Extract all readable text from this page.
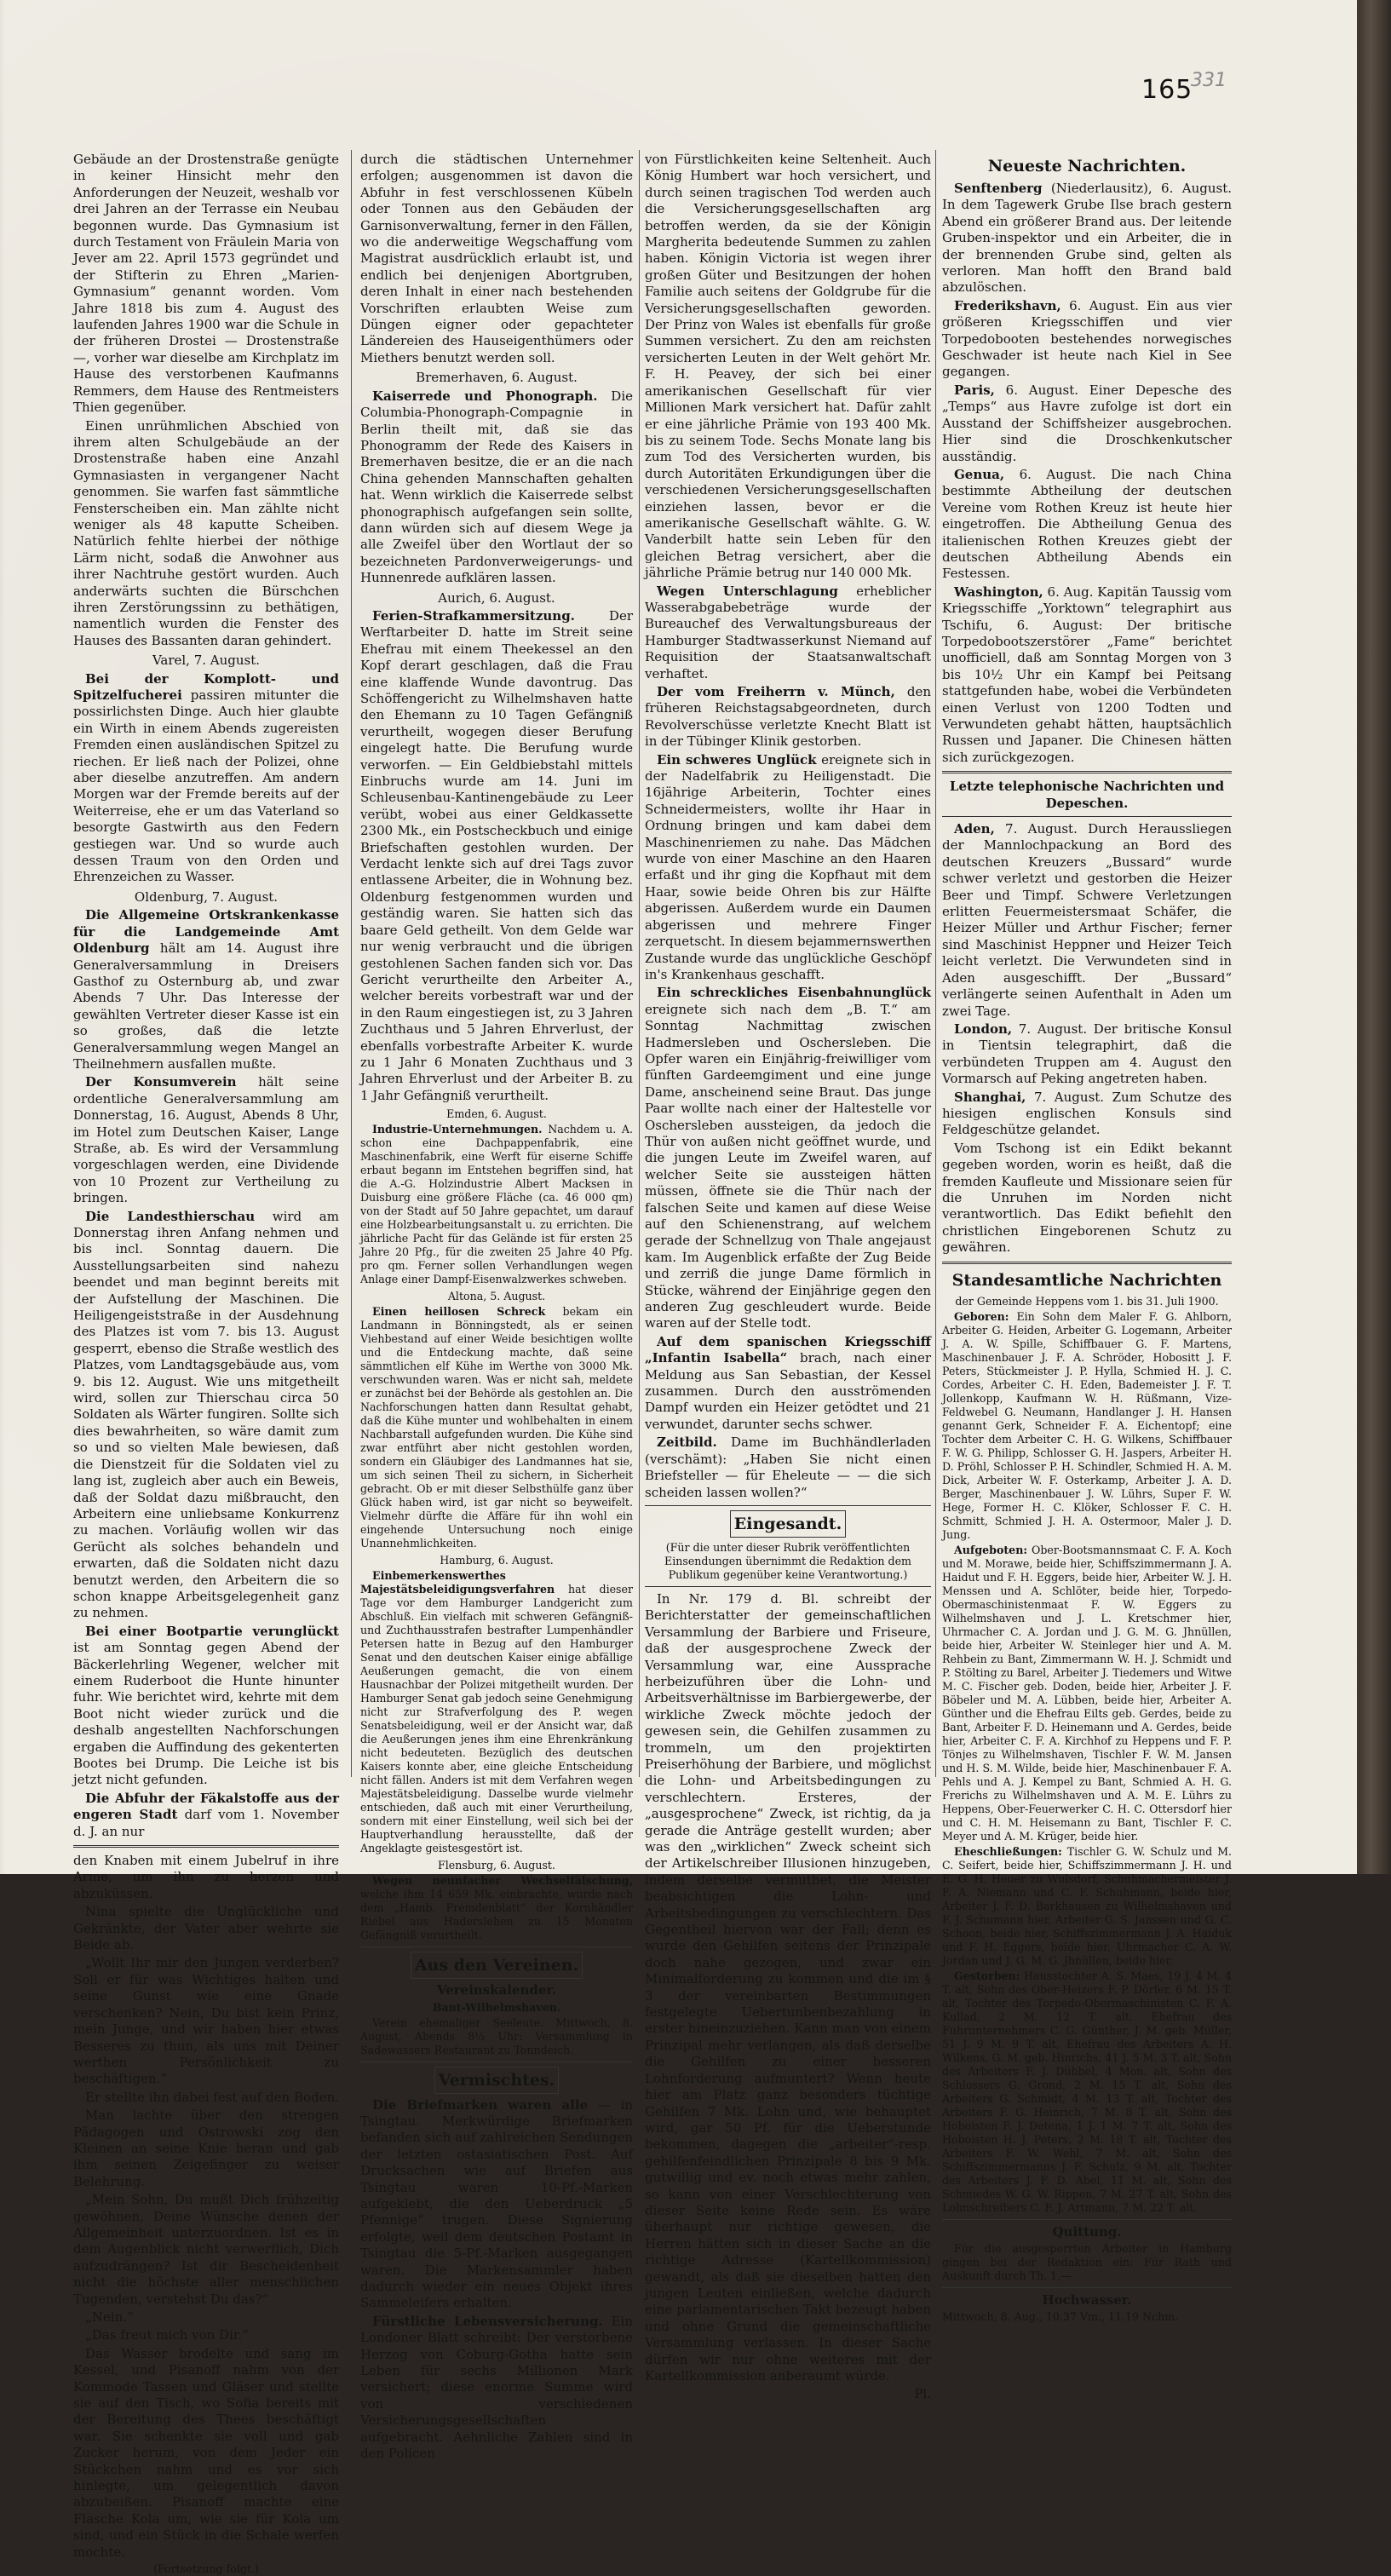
165
331

Gebäude an der Drostenstraße genügte in keiner Hinsicht mehr den Anforderungen der Neuzeit, weshalb vor drei Jahren an der Terrasse ein Neubau begonnen wurde. Das Gymnasium ist durch Testament von Fräulein Maria von Jever am 22. April 1573 gegründet und der Stifterin zu Ehren „Marien-Gymnasium“ genannt worden. Vom Jahre 1818 bis zum 4. August des laufenden Jahres 1900 war die Schule in der früheren Drostei — Drostenstraße —, vorher war dieselbe am Kirchplatz im Hause des verstorbenen Kaufmanns Remmers, dem Hause des Rentmeisters Thien gegenüber.

Einen unrühmlichen Abschied von ihrem alten Schulgebäude an der Drostenstraße haben eine Anzahl Gymnasiasten in vergangener Nacht genommen. Sie warfen fast sämmtliche Fensterscheiben ein. Man zählte nicht weniger als 48 kaputte Scheiben. Natürlich fehlte hierbei der nöthige Lärm nicht, sodaß die Anwohner aus ihrer Nachtruhe gestört wurden. Auch anderwärts suchten die Bürschchen ihren Zerstörungssinn zu bethätigen, namentlich wurden die Fenster des Hauses des Bassanten daran gehindert.

Varel, 7. August.

Bei der Komplott- und Spitzelfucherei passiren mitunter die possirlichsten Dinge. Auch hier glaubte ein Wirth in einem Abends zugereisten Fremden einen ausländischen Spitzel zu riechen. Er ließ nach der Polizei, ohne aber dieselbe anzutreffen. Am andern Morgen war der Fremde bereits auf der Weiterreise, ehe er um das Vaterland so besorgte Gastwirth aus den Federn gestiegen war. Und so wurde auch dessen Traum von den Orden und Ehrenzeichen zu Wasser.

Oldenburg, 7. August.

Die Allgemeine Ortskrankenkasse für die Landgemeinde Amt Oldenburg hält am 14. August ihre Generalversammlung in Dreisers Gasthof zu Osternburg ab, und zwar Abends 7 Uhr. Das Interesse der gewählten Vertreter dieser Kasse ist ein so großes, daß die letzte Generalversammlung wegen Mangel an Theilnehmern ausfallen mußte.

Der Konsumverein hält seine ordentliche Generalversammlung am Donnerstag, 16. August, Abends 8 Uhr, im Hotel zum Deutschen Kaiser, Lange Straße, ab. Es wird der Versammlung vorgeschlagen werden, eine Dividende von 10 Prozent zur Vertheilung zu bringen.

Die Landesthierschau wird am Donnerstag ihren Anfang nehmen und bis incl. Sonntag dauern. Die Ausstellungsarbeiten sind nahezu beendet und man beginnt bereits mit der Aufstellung der Maschinen. Die Heiligengeiststraße in der Ausdehnung des Platzes ist vom 7. bis 13. August gesperrt, ebenso die Straße westlich des Platzes, vom Landtagsgebäude aus, vom 9. bis 12. August. Wie uns mitgetheilt wird, sollen zur Thierschau circa 50 Soldaten als Wärter fungiren. Sollte sich dies bewahrheiten, so wäre damit zum so und so vielten Male bewiesen, daß die Dienstzeit für die Soldaten viel zu lang ist, zugleich aber auch ein Beweis, daß der Soldat dazu mißbraucht, den Arbeitern eine unliebsame Konkurrenz zu machen. Vorläufig wollen wir das Gerücht als solches behandeln und erwarten, daß die Soldaten nicht dazu benutzt werden, den Arbeitern die so schon knappe Arbeitsgelegenheit ganz zu nehmen.

Bei einer Bootpartie verunglückt ist am Sonntag gegen Abend der Bäckerlehrling Wegener, welcher mit einem Ruderboot die Hunte hinunter fuhr. Wie berichtet wird, kehrte mit dem Boot nicht wieder zurück und die deshalb angestellten Nachforschungen ergaben die Auffindung des gekenterten Bootes bei Drump. Die Leiche ist bis jetzt nicht gefunden.

Die Abfuhr der Fäkalstoffe aus der engeren Stadt darf vom 1. November d. J. an nur

den Knaben mit einem Jubelruf in ihre Arme, um ihn zu herzen und abzuküssen.

Nina spielte die Unglückliche und Gekränkte, der Vater aber wehrte sie Beide ab.

„Wollt Ihr mir den Jungen verderben? Soll er für was Wichtiges halten und seine Gunst wie eine Gnade verschenken? Nein, Du bist kein Prinz, mein Junge, und wir haben hier etwas Besseres zu thun, als uns mit Deiner werthen Persönlichkeit zu beschäftigen.“

Er stellte ihn dabei fest auf den Boden.

Man lachte über den strengen Pädagogen und Ostrowski zog den Kleinen an seine Knie heran und gab ihm seinen Zeigefinger zu weiser Belehrung.

„Mein Sohn, Du mußt Dich frühzeitig gewöhnen, Deine Wünsche denen der Allgemeinheit unterzuordnen. Ist es in dem Augenblick nicht verwerflich, Dich aufzudrängen? Ist dir Bescheidenheit nicht die höchste aller menschlichen Tugenden, verstehst Du das?“

„Nein.“

„Das freut mich von Dir.“

Das Wasser brodelte und sang im Kessel, und Pisanoff nahm von der Kommode Tassen und Gläser und stellte sie auf den Tisch, wo Sofia bereits mit der Bereitung des Thees beschäftigt war. Sie schenkte sie voll und gab Zucker herum, von dem Jeder ein Stückchen nahm und es vor sich hinlegte, um gelegentlich davon abzubeißen. Pisanoff machte eine Flasche Kola um, wie sie für Kola um sind, und ein Stück in die Schale werfen mochte.

(Fortsetzung folgt.)

durch die städtischen Unternehmer erfolgen; ausgenommen ist davon die Abfuhr in fest verschlossenen Kübeln oder Tonnen aus den Gebäuden der Garnisonverwaltung, ferner in den Fällen, wo die anderweitige Wegschaffung vom Magistrat ausdrücklich erlaubt ist, und endlich bei denjenigen Abortgruben, deren Inhalt in einer nach bestehenden Vorschriften erlaubten Weise zum Düngen eigner oder gepachteter Ländereien des Hauseigenthümers oder Miethers benutzt werden soll.

Bremerhaven, 6. August.

Kaiserrede und Phonograph. Die Columbia-Phonograph-Compagnie in Berlin theilt mit, daß sie das Phonogramm der Rede des Kaisers in Bremerhaven besitze, die er an die nach China gehenden Mannschaften gehalten hat. Wenn wirklich die Kaiserrede selbst phonographisch aufgefangen sein sollte, dann würden sich auf diesem Wege ja alle Zweifel über den Wortlaut der so bezeichneten Pardonverweigerungs- und Hunnenrede aufklären lassen.

Aurich, 6. August.

Ferien-Strafkammersitzung. Der Werftarbeiter D. hatte im Streit seine Ehefrau mit einem Theekessel an den Kopf derart geschlagen, daß die Frau eine klaffende Wunde davontrug. Das Schöffengericht zu Wilhelmshaven hatte den Ehemann zu 10 Tagen Gefängniß verurtheilt, wogegen dieser Berufung eingelegt hatte. Die Berufung wurde verworfen. — Ein Geldbiebstahl mittels Einbruchs wurde am 14. Juni im Schleusenbau-Kantinengebäude zu Leer verübt, wobei aus einer Geldkassette 2300 Mk., ein Postscheckbuch und einige Briefschaften gestohlen wurden. Der Verdacht lenkte sich auf drei Tags zuvor entlassene Arbeiter, die in Wohnung bez. Oldenburg festgenommen wurden und geständig waren. Sie hatten sich das baare Geld getheilt. Von dem Gelde war nur wenig verbraucht und die übrigen gestohlenen Sachen fanden sich vor. Das Gericht verurtheilte den Arbeiter A., welcher bereits vorbestraft war und der in den Raum eingestiegen ist, zu 3 Jahren Zuchthaus und 5 Jahren Ehrverlust, der ebenfalls vorbestrafte Arbeiter K. wurde zu 1 Jahr 6 Monaten Zuchthaus und 3 Jahren Ehrverlust und der Arbeiter B. zu 1 Jahr Gefängniß verurtheilt.

Emden, 6. August.

Industrie-Unternehmungen. Nachdem u. A. schon eine Dachpappenfabrik, eine Maschinenfabrik, eine Werft für eiserne Schiffe erbaut begann im Entstehen begriffen sind, hat die A.-G. Holzindustrie Albert Macksen in Duisburg eine größere Fläche (ca. 46 000 qm) von der Stadt auf 50 Jahre gepachtet, um darauf eine Holzbearbeitungsanstalt u. zu errichten. Die jährliche Pacht für das Gelände ist für ersten 25 Jahre 20 Pfg., für die zweiten 25 Jahre 40 Pfg. pro qm. Ferner sollen Verhandlungen wegen Anlage einer Dampf-Eisenwalzwerkes schweben.

Altona, 5. August.

Einen heillosen Schreck bekam ein Landmann in Bönningstedt, als er seinen Viehbestand auf einer Weide besichtigen wollte und die Entdeckung machte, daß seine sämmtlichen elf Kühe im Werthe von 3000 Mk. verschwunden waren. Was er nicht sah, meldete er zunächst bei der Behörde als gestohlen an. Die Nachforschungen hatten dann Resultat gehabt, daß die Kühe munter und wohlbehalten in einem Nachbarstall aufgefunden wurden. Die Kühe sind zwar entführt aber nicht gestohlen worden, sondern ein Gläubiger des Landmannes hat sie, um sich seinen Theil zu sichern, in Sicherheit gebracht. Ob er mit dieser Selbsthülfe ganz über Glück haben wird, ist gar nicht so beyweifelt. Vielmehr dürfte die Affäre für ihn wohl ein eingehende Untersuchung noch einige Unannehmlichkeiten.

Hamburg, 6. August.

Einbemerkenswerthes Majestätsbeleidigungsverfahren hat dieser Tage vor dem Hamburger Landgericht zum Abschluß. Ein vielfach mit schweren Gefängniß- und Zuchthausstrafen bestrafter Lumpenhändler Petersen hatte in Bezug auf den Hamburger Senat und den deutschen Kaiser einige abfällige Aeußerungen gemacht, die von einem Hausnachbar der Polizei mitgetheilt wurden. Der Hamburger Senat gab jedoch seine Genehmigung nicht zur Strafverfolgung des P. wegen Senatsbeleidigung, weil er der Ansicht war, daß die Aeußerungen jenes ihm eine Ehrenkränkung nicht bedeuteten. Bezüglich des deutschen Kaisers konnte aber, eine gleiche Entscheidung nicht fällen. Anders ist mit dem Verfahren wegen Majestätsbeleidigung. Dasselbe wurde vielmehr entschieden, daß auch mit einer Verurtheilung, sondern mit einer Einstellung, weil sich bei der Hauptverhandlung herausstellte, daß der Angeklagte geistesgestört ist.

Flensburg, 6. August.

Wegen neunfacher Wechselfälschung, welche ihm 14 659 Mk. einbrachte, wurde nach dem „Hamb. Fremdenblatt“ der Kornhändler Riebel aus Haderslehen zu 15 Monaten Gefängniß verurtheilt.

Aus den Vereinen.

Vereinskalender.

Bant-Wilhelmshaven.

Verein ehemaliger Seeleute. Mittwoch, 8. August, Abends 8½ Uhr: Versammlung in Sadewassers Restaurant zu Tonndeich.

Vermischtes.

Die Briefmarken waren alle — in Tsingtau. Merkwürdige Briefmarken befanden sich auf zahlreichen Sendungen der letzten ostasiatischen Post. Auf Drucksachen wie auf Briefen aus Tsingtau waren 10-Pf.-Marken aufgeklebt, die den Ueberdruck „5 Pfennige“ trugen. Diese Signierung erfolgte, weil dem deutschen Postamt in Tsingtau die 5-Pf.-Marken ausgegangen waren. Die Markensammler haben dadurch wieder ein neues Objekt ihres Sammeleifers erhalten.

Fürstliche Lebensversicherung. Ein Londoner Blatt schreibt: Der verstorbene Herzog von Coburg-Gotha hatte sein Leben für sechs Millionen Mark versichert; diese enorme Summe wird von verschiedenen Versicherungsgesellschaften aufgebracht. Aehnliche Zahlen sind in den Policen

von Fürstlichkeiten keine Seltenheit. Auch König Humbert war hoch versichert, und durch seinen tragischen Tod werden auch die Versicherungsgesellschaften arg betroffen werden, da sie der Königin Margherita bedeutende Summen zu zahlen haben. Königin Victoria ist wegen ihrer großen Güter und Besitzungen der hohen Familie auch seitens der Goldgrube für die Versicherungsgesellschaften geworden. Der Prinz von Wales ist ebenfalls für große Summen versichert. Zu den am reichsten versicherten Leuten in der Welt gehört Mr. F. H. Peavey, der sich bei einer amerikanischen Gesellschaft für vier Millionen Mark versichert hat. Dafür zahlt er eine jährliche Prämie von 193 400 Mk. bis zu seinem Tode. Sechs Monate lang bis zum Tod des Versicherten wurden, bis durch Autoritäten Erkundigungen über die verschiedenen Versicherungsgesellschaften einziehen lassen, bevor er die amerikanische Gesellschaft wählte. G. W. Vanderbilt hatte sein Leben für den gleichen Betrag versichert, aber die jährliche Prämie betrug nur 140 000 Mk.

Wegen Unterschlagung erheblicher Wasserabgabebeträge wurde der Bureauchef des Verwaltungsbureaus der Hamburger Stadtwasserkunst Niemand auf Requisition der Staatsanwaltschaft verhaftet.

Der vom Freiherrn v. Münch, den früheren Reichstagsabgeordneten, durch Revolverschüsse verletzte Knecht Blatt ist in der Tübinger Klinik gestorben.

Ein schweres Unglück ereignete sich in der Nadelfabrik zu Heiligenstadt. Die 16jährige Arbeiterin, Tochter eines Schneidermeisters, wollte ihr Haar in Ordnung bringen und kam dabei dem Maschinenriemen zu nahe. Das Mädchen wurde von einer Maschine an den Haaren erfaßt und ihr ging die Kopfhaut mit dem Haar, sowie beide Ohren bis zur Hälfte abgerissen. Außerdem wurde ein Daumen abgerissen und mehrere Finger zerquetscht. In diesem bejammernswerthen Zustande wurde das unglückliche Geschöpf in's Krankenhaus geschafft.

Ein schreckliches Eisenbahnunglück ereignete sich nach dem „B. T.“ am Sonntag Nachmittag zwischen Hadmersleben und Oschersleben. Die Opfer waren ein Einjährig-freiwilliger vom fünften Gardeemgiment und eine junge Dame, anscheinend seine Braut. Das junge Paar wollte nach einer der Haltestelle vor Oschersleben aussteigen, da jedoch die Thür von außen nicht geöffnet wurde, und die jungen Leute im Zweifel waren, auf welcher Seite sie aussteigen hätten müssen, öffnete sie die Thür nach der falschen Seite und kamen auf diese Weise auf den Schienenstrang, auf welchem gerade der Schnellzug von Thale angejaust kam. Im Augenblick erfaßte der Zug Beide und zerriß die junge Dame förmlich in Stücke, während der Einjährige gegen den anderen Zug geschleudert wurde. Beide waren auf der Stelle todt.

Auf dem spanischen Kriegsschiff „Infantin Isabella“ brach, nach einer Meldung aus San Sebastian, der Kessel zusammen. Durch den ausströmenden Dampf wurden ein Heizer getödtet und 21 verwundet, darunter sechs schwer.

Zeitbild. Dame im Buchhändlerladen (verschämt): „Haben Sie nicht einen Briefsteller — für Eheleute — — die sich scheiden lassen wollen?“

Eingesandt.

(Für die unter dieser Rubrik veröffentlichten Einsendungen übernimmt die Redaktion dem Publikum gegenüber keine Verantwortung.)

In Nr. 179 d. Bl. schreibt der Berichterstatter der gemeinschaftlichen Versammlung der Barbiere und Friseure, daß der ausgesprochene Zweck der Versammlung war, eine Aussprache herbeizuführen über die Lohn- und Arbeitsverhältnisse im Barbiergewerbe, der wirkliche Zweck möchte jedoch der gewesen sein, die Gehilfen zusammen zu trommeln, um den projektirten Preiserhöhung der Barbiere, und möglichst die Lohn- und Arbeitsbedingungen zu verschlechtern. Ersteres, der „ausgesprochene“ Zweck, ist richtig, da ja gerade die Anträge gestellt wurden; aber was den „wirklichen“ Zweck scheint sich der Artikelschreiber Illusionen hinzugeben, indem derselbe vermuthet, die Meister beabsichtigen die Lohn- und Arbeitsbedingungen zu verschlechtern. Das Gegentheil hiervon war der Fall; denn es wurde den Gehilfen seitens der Prinzipale doch nahe gezogen, und zwar ein Minimalforderung zu kommen und die im § 3 der vereinbarten Bestimmungen festgelegte Uebertunbenbezahlung in erster hineinzuziehen. Kann man von einem Prinzipal mehr verlangen, als daß derselbe die Gehilfen zu einer besseren Lohnforderung aufmuntert? Wenn heute hier am Platz ganz besonders tüchtige Gehilfen 7 Mk. Lohn und, wie behauptet wird, gar 50 Pf. für die Ueberstunde bekommen, dagegen die „arbeiter“-resp. gehilfenfeindlichen Prinzipale 8 bis 9 Mk. gutwillig und ev. noch etwas mehr zahlen, so kann von einer Verschlechterung von dieser Seite keine Rede sein. Es wäre überhaupt nur richtige gewesen, die Herren hätten sich in dieser Sache an die richtige Adresse (Kartellkommission) gewandt, als daß sie dieselben hatten den jungen Leuten einließen, welche dadurch eine parlamentarischen Takt bezeugt haben und ohne Grund die gemeinschaftliche Versammlung verlassen. In dieser Sache dürfen wir nur ohne weiteres mit der Kartellkommission anberaumt würde.

Pl.

Neueste Nachrichten.

Senftenberg (Niederlausitz), 6. August. In dem Tagewerk Grube Ilse brach gestern Abend ein größerer Brand aus. Der leitende Gruben-inspektor und ein Arbeiter, die in der brennenden Grube sind, gelten als verloren. Man hofft den Brand bald abzulöschen.

Frederikshavn, 6. August. Ein aus vier größeren Kriegsschiffen und vier Torpedobooten bestehendes norwegisches Geschwader ist heute nach Kiel in See gegangen.

Paris, 6. August. Einer Depesche des „Temps“ aus Havre zufolge ist dort ein Ausstand der Schiffsheizer ausgebrochen. Hier sind die Droschkenkutscher ausständig.

Genua, 6. August. Die nach China bestimmte Abtheilung der deutschen Vereine vom Rothen Kreuz ist heute hier eingetroffen. Die Abtheilung Genua des italienischen Rothen Kreuzes giebt der deutschen Abtheilung Abends ein Festessen.

Washington, 6. Aug. Kapitän Taussig vom Kriegsschiffe „Yorktown“ telegraphirt aus Tschifu, 6. August: Der britische Torpedobootszerstörer „Fame“ berichtet unofficiell, daß am Sonntag Morgen von 3 bis 10½ Uhr ein Kampf bei Peitsang stattgefunden habe, wobei die Verbündeten einen Verlust von 1200 Todten und Verwundeten gehabt hätten, hauptsächlich Russen und Japaner. Die Chinesen hätten sich zurückgezogen.

Letzte telephonische Nachrichten und Depeschen.

Aden, 7. August. Durch Heraussliegen der Mannlochpackung an Bord des deutschen Kreuzers „Bussard“ wurde schwer verletzt und gestorben die Heizer Beer und Timpf. Schwere Verletzungen erlitten Feuermeistersmaat Schäfer, die Heizer Müller und Arthur Fischer; ferner sind Maschinist Heppner und Heizer Teich leicht verletzt. Die Verwundeten sind in Aden ausgeschifft. Der „Bussard“ verlängerte seinen Aufenthalt in Aden um zwei Tage.

London, 7. August. Der britische Konsul in Tientsin telegraphirt, daß die verbündeten Truppen am 4. August den Vormarsch auf Peking angetreten haben.

Shanghai, 7. August. Zum Schutze des hiesigen englischen Konsuls sind Feldgeschütze gelandet.

Vom Tschong ist ein Edikt bekannt gegeben worden, worin es heißt, daß die fremden Kaufleute und Missionare seien für die Unruhen im Norden nicht verantwortlich. Das Edikt befiehlt den christlichen Eingeborenen Schutz zu gewähren.

Standesamtliche Nachrichten

der Gemeinde Heppens vom 1. bis 31. Juli 1900.

Geboren: Ein Sohn dem Maler F. G. Ahlborn, Arbeiter G. Heiden, Arbeiter G. Logemann, Arbeiter J. A. W. Spille, Schiffbauer G. F. Martens, Maschinenbauer J. F. A. Schröder, Hobositt J. F. Peters, Stückmeister J. P. Hylla, Schmied H. J. C. Cordes, Arbeiter C. H. Eden, Bademeister J. F. T. Jollenkopp, Kaufmann W. H. Rüßmann, Vize-Feldwebel G. Neumann, Handlanger J. H. Hansen genannt Gerk, Schneider F. A. Eichentopf; eine Tochter dem Arbeiter C. H. G. Wilkens, Schiffbauer F. W. G. Philipp, Schlosser G. H. Jaspers, Arbeiter H. D. Pröhl, Schlosser P. H. Schindler, Schmied H. A. M. Dick, Arbeiter W. F. Osterkamp, Arbeiter J. A. D. Berger, Maschinenbauer J. W. Lührs, Super F. W. Hege, Former H. C. Klöker, Schlosser F. C. H. Schmitt, Schmied J. H. A. Ostermoor, Maler J. D. Jung.

Aufgeboten: Ober-Bootsmannsmaat C. F. A. Koch und M. Morawe, beide hier, Schiffszimmermann J. A. Haidut und F. H. Eggers, beide hier, Arbeiter W. J. H. Menssen und A. Schlöter, beide hier, Torpedo-Obermaschinistenmaat F. W. Eggers zu Wilhelmshaven und J. L. Kretschmer hier, Uhrmacher C. A. Jordan und J. G. M. G. Jhnüllen, beide hier, Arbeiter W. Steinleger hier und A. M. Rehbein zu Bant, Zimmermann W. H. J. Schmidt und P. Stölting zu Barel, Arbeiter J. Tiedemers und Witwe M. C. Fischer geb. Doden, beide hier, Arbeiter J. F. Böbeler und M. A. Lübben, beide hier, Arbeiter A. Günther und die Ehefrau Eilts geb. Gerdes, beide zu Bant, Arbeiter F. D. Heinemann und A. Gerdes, beide hier, Arbeiter C. F. A. Kirchhof zu Heppens und F. P. Tönjes zu Wilhelmshaven, Tischler F. W. M. Jansen und H. S. M. Wilde, beide hier, Maschinenbauer F. A. Pehls und A. J. Kempel zu Bant, Schmied A. H. G. Frerichs zu Wilhelmshaven und A. M. E. Lührs zu Heppens, Ober-Feuerwerker C. H. C. Ottersdorf hier und C. H. M. Heisemann zu Bant, Tischler F. C. Meyer und A. M. Krüger, beide hier.

Eheschließungen: Tischler G. W. Schulz und M. C. Seifert, beide hier, Schiffszimmermann J. H. und E. G. H. Heuer zu Wulsdorf, Schuhmachermeister J. F. A. Niemann und C. F. Schuhmann, beide hier, Arbeiter J. F. D. Barkhausen zu Wilhelmshaven und F. J. Schumann hier, Arbeiter G. S. Janssen und G. C. Schoon, beide hier, Schiffszimmermann J. A. Haiduk und F. H. Eggers, beide hier, Uhrmacher C. A. W. Jordan und J. G. M. G. Jhnüllen, beide hier.

Gestorben: Hausstochter A. S. Maes, 19 J. 4 M. 4 T. alt, Sohn des Ober-Heizers F. P. Dörfer, 6 M. 15 T. alt, Tochter des Torpedo-Obermaschinisten C. F. A. Kullad, 2 M. 12 T. alt, Ehefrau des Fuhrunternehmers C. G. Günther, J. M. geb. Müller, 51 J. 9 M. 9 T. alt, Ehefrau des Arbeiters A. H. Wilkens, G. M. geb. Hinrichs, 41 J. 5 M. 3 T. alt, Sohn des Arbeiters F. J. Dübbel, 4 Mon. alt, Sohn des Schlossers G. Grond, 2 M. 15 T. alt, Sohn des Arbeiters G. Schmidt, 4 M. 13 T. alt, Tochter des Arbeiters F. G. Heinrich, 7 M. 8 T. alt, Sohn des Hoboisten F. J. Detena, 1 J. 1 M. 7 T. alt, Sohn des Hoboisten H. J. Peters, 2 M. 18 T. alt, Tochter des Arbeiters F. W. Wehl, 7 M. alt, Sohn des Schiffszimmermanns J. F. Schulz, 9 M. alt, Tochter des Arbeiters J. F. D. Abel, 11 M. alt, Sohn des Schmiedes W. G. W. Rippen, 7 M. 27 T. alt, Sohn des Lohnschreibers C. F. J. Artmann, 7 M. 22 T. alt.

Quittung.

Für die ausgesperrten Arbeiter in Hamburg gingen bei der Redaktion ein: Für Rath und Auskunft durch Th. 1,—

Hochwasser.

Mittwoch, 8. Aug., 10.37 Vm., 11.19 Nchm.
